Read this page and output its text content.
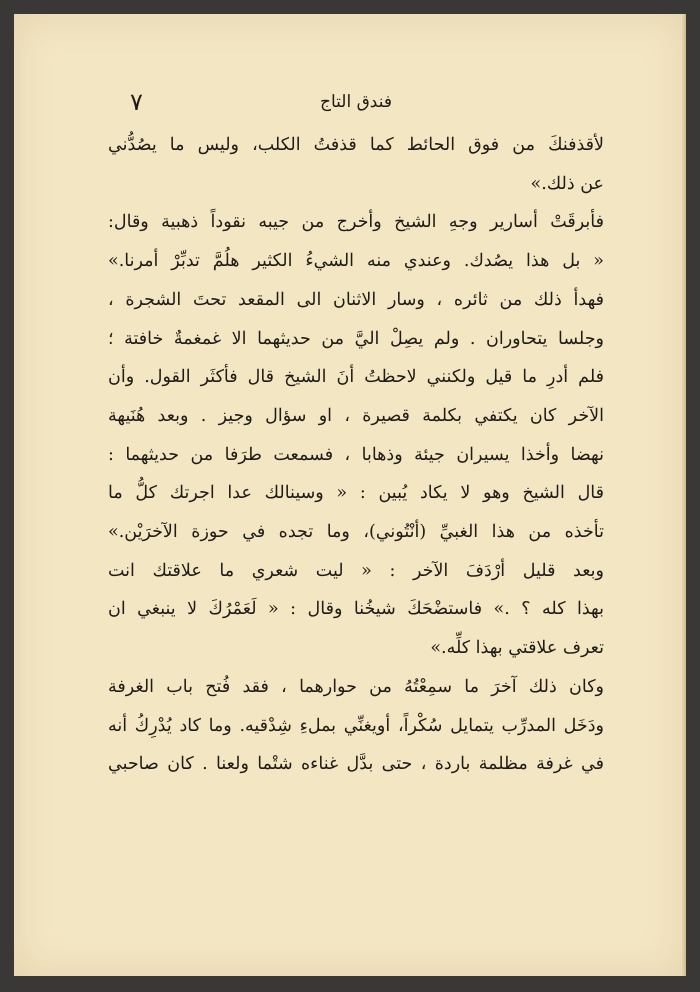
٧	فندق التاج
لأقذفنكَ من فوق الحائط كما قذفتُ الكلب، وليس ما يصُدُّني
عن ذلك.»
فأبرقَتْ أسارير وجهِ الشيخ وأخرج من جيبه نقوداً ذهبية وقال:
« بل هذا يصُدك. وعندي منه الشيءُ الكثير هلُمَّ تدبِّرْ أمرنا.»
فهدأ ذلك من ثائره ، وسار الاثنان الى المقعد تحتَ الشجرة ،
وجلسا يتحاوران . ولم يصِلْ اليَّ من حديثهما الا غمغمةٌ خافتة ؛
فلم أدرِ ما قيل ولكنني لاحظتُ أنَ الشيخ قال فأكثَر القول. وأن
الآخر كان يكتفي بكلمة قصيرة ، او سؤال وجيز . وبعد هُنَيهة
نهضا وأخذا يسيران جيئة وذهابا ، فسمعت طرَفا من حديثهما :
قال الشيخ وهو لا يكاد يُبين : « وسينالك عدا اجرتك كلُّ ما
تأخذه من هذا الغبيِّ (أنْتُوني)، وما تجده في حوزة الآخرَيْن.»
وبعد قليل أرْدَفَ الآخر : « ليت شعري ما علاقتك انت
بهذا كله ؟ .» فاستضْحَكَ شيخُنا وقال : « لَعَمْرُكَ لا ينبغي ان
تعرف علاقتي بهذا كلِّه.»
وكان ذلك آخرَ ما سمِعْتُهُ من حوارهما ، فقد فُتح باب الغرفة
ودَخَل المدرِّب يتمايل سُكْراً، أويغنِّي بملءِ شِدْقيه. وما كاد يُدْرِكُ أنه
في غرفة مظلمة باردة ، حتى بدَّل غناءه شتْما ولعنا . كان صاحبي
